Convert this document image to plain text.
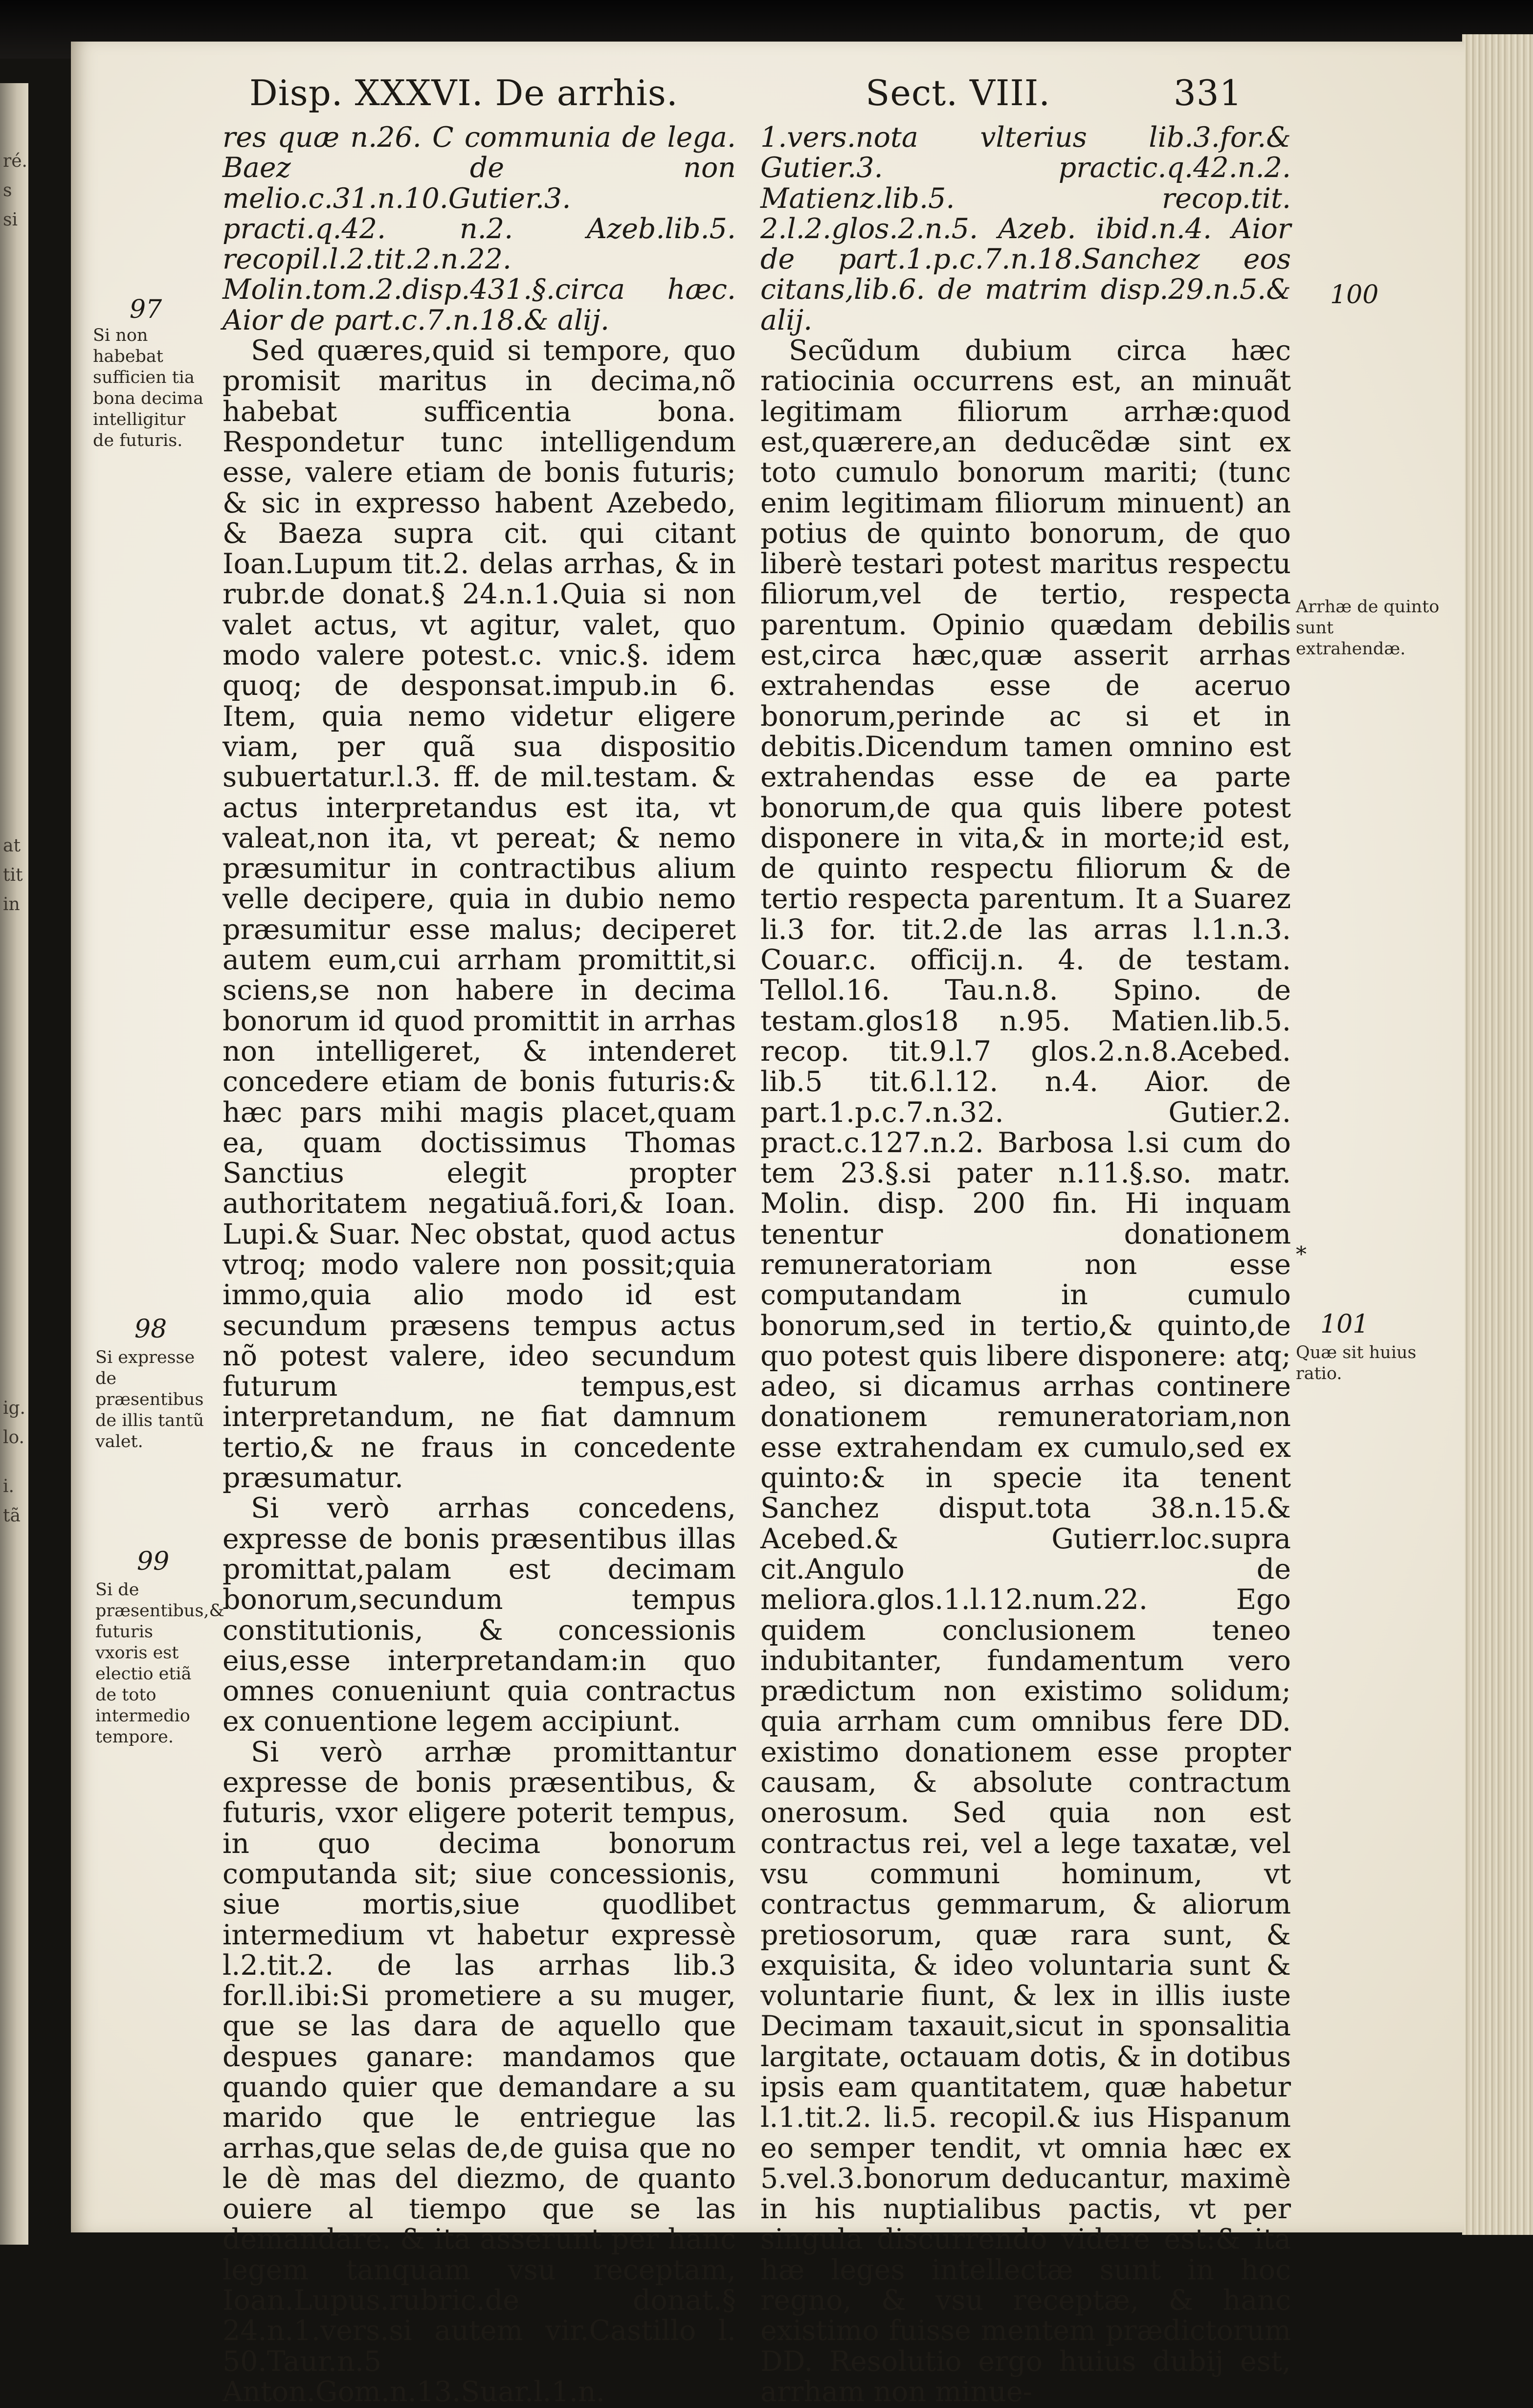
ré.
s
si
at
tit
in
ig.
lo.
i.
tã
Disp. XXXVI. De arrhis.	Sect. VIII.	331

res quæ n.26. C communia de lega. Baez de non melio.c.31.n.10.Gutier.3. practi.q.42. n.2. Azeb.lib.5. recopil.l.2.tit.2.n.22. Molin.tom.2.disp.431.§.circa hæc. Aior de part.c.7.n.18.& alij.

Sed quæres,quid si tempore, quo promisit maritus in decima,nõ habebat sufficentia bona. Respondetur tunc intelligendum esse, valere etiam de bonis futuris; & sic in expresso habent Azebedo, & Baeza supra cit. qui citant Ioan.Lupum tit.2. delas arrhas, & in rubr.de donat.§ 24.n.1.Quia si non valet actus, vt agitur, valet, quo modo valere potest.c. vnic.§. idem quoq; de desponsat.impub.in 6. Item, quia nemo videtur eligere viam, per quã sua dispositio subuertatur.l.3. ff. de mil.testam. & actus interpretandus est ita, vt valeat,non ita, vt pereat; & nemo præsumitur in contractibus alium velle decipere, quia in dubio nemo præsumitur esse malus; deciperet autem eum,cui arrham promittit,si sciens,se non habere in decima bonorum id quod promittit in arrhas non intelligeret, & intenderet concedere etiam de bonis futuris:& hæc pars mihi magis placet,quam ea, quam doctissimus Thomas Sanctius elegit propter authoritatem negatiuã.fori,& Ioan. Lupi.& Suar. Nec obstat, quod actus vtroq; modo valere non possit;quia immo,quia alio modo id est secundum præsens tempus actus nõ potest valere, ideo secundum futurum tempus,est interpretandum, ne fiat damnum tertio,& ne fraus in concedente præsumatur.

Si verò arrhas concedens, expresse de bonis præsentibus illas promittat,palam est decimam bonorum,secundum tempus constitutionis, & concessionis eius,esse interpretandam:in quo omnes conueniunt quia contractus ex conuentione legem accipiunt.

Si verò arrhæ promittantur expresse de bonis præsentibus, & futuris, vxor eligere poterit tempus, in quo decima bonorum computanda sit; siue concessionis, siue mortis,siue quodlibet intermedium vt habetur expressè l.2.tit.2. de las arrhas lib.3 for.ll.ibi:Si prometiere a su muger, que se las dara de aquello que despues ganare: mandamos que quando quier que demandare a su marido que le entriegue las arrhas,que selas de,de guisa que no le dè mas del diezmo, de quanto ouiere al tiempo que se las demandare. & ita asserunt per hanc legem tanquam vsu receptam, Ioan.Lupus.rubric.de donat.§ 24.n.1.vers.si autem vir.Castillo l. 50.Taur.n.5 Anton.Gom.n.13.Suar.l.1.n.

1.vers.nota vlterius lib.3.for.& Gutier.3. practic.q.42.n.2. Matienz.lib.5. recop.tit. 2.l.2.glos.2.n.5. Azeb. ibid.n.4. Aior de part.1.p.c.7.n.18.Sanchez eos citans,lib.6. de matrim disp.29.n.5.& alij.

Secũdum dubium circa hæc ratiocinia occurrens est, an minuãt legitimam filiorum arrhæ:quod est,quærere,an deducẽdæ sint ex toto cumulo bonorum mariti; (tunc enim legitimam filiorum minuent) an potius de quinto bonorum, de quo liberè testari potest maritus respectu filiorum,vel de tertio, respecta parentum. Opinio quædam debilis est,circa hæc,quæ asserit arrhas extrahendas esse de aceruo bonorum,perinde ac si et in debitis.Dicendum tamen omnino est extrahendas esse de ea parte bonorum,de qua quis libere potest disponere in vita,& in morte;id est, de quinto respectu filiorum & de tertio respecta parentum. It a Suarez li.3 for. tit.2.de las arras l.1.n.3. Couar.c. officij.n. 4. de testam. Tellol.16. Tau.n.8. Spino. de testam.glos18 n.95. Matien.lib.5. recop. tit.9.l.7 glos.2.n.8.Acebed. lib.5 tit.6.l.12. n.4. Aior. de part.1.p.c.7.n.32. Gutier.2. pract.c.127.n.2. Barbosa l.si cum do tem 23.§.si pater n.11.§.so. matr. Molin. disp. 200 fin. Hi inquam tenentur donationem remuneratoriam non esse computandam in cumulo bonorum,sed in tertio,& quinto,de quo potest quis libere disponere: atq; adeo, si dicamus arrhas continere donationem remuneratoriam,non esse extrahendam ex cumulo,sed ex quinto:& in specie ita tenent Sanchez disput.tota 38.n.15.& Acebed.& Gutierr.loc.supra cit.Angulo de meliora.glos.1.l.12.num.22. Ego quidem conclusionem teneo indubitanter, fundamentum vero prædictum non existimo solidum; quia arrham cum omnibus fere DD. existimo donationem esse propter causam, & absolute contractum onerosum. Sed quia non est contractus rei, vel a lege taxatæ, vel vsu communi hominum, vt contractus gemmarum, & aliorum pretiosorum, quæ rara sunt, & exquisita, & ideo voluntaria sunt & voluntarie fiunt, & lex in illis iuste Decimam taxauit,sicut in sponsalitia largitate, octauam dotis, & in dotibus ipsis eam quantitatem, quæ habetur l.1.tit.2. li.5. recopil.& ius Hispanum eo semper tendit, vt omnia hæc ex 5.vel.3.bonorum deducantur, maximè in his nuptialibus pactis, vt per singula discurrendo videre est:& ita hæ leges intellectæ sunt in hoc regno, & vsu receptæ, & hanc existimo fuisse mentem prædictorum DD. Resolutio ergo huius dubij est, arrham non minue-

97
Si non habebat sufficien tia bona decima intelligitur de futuris.
98
Si expresse de præsentibus de illis tantũ valet.
99
Si de præsentibus,& futuris vxoris est electio etiã de toto intermedio tempore.
100
Arrhæ de quinto sunt extrahendæ.
*
101
Quæ sit huius ratio.
